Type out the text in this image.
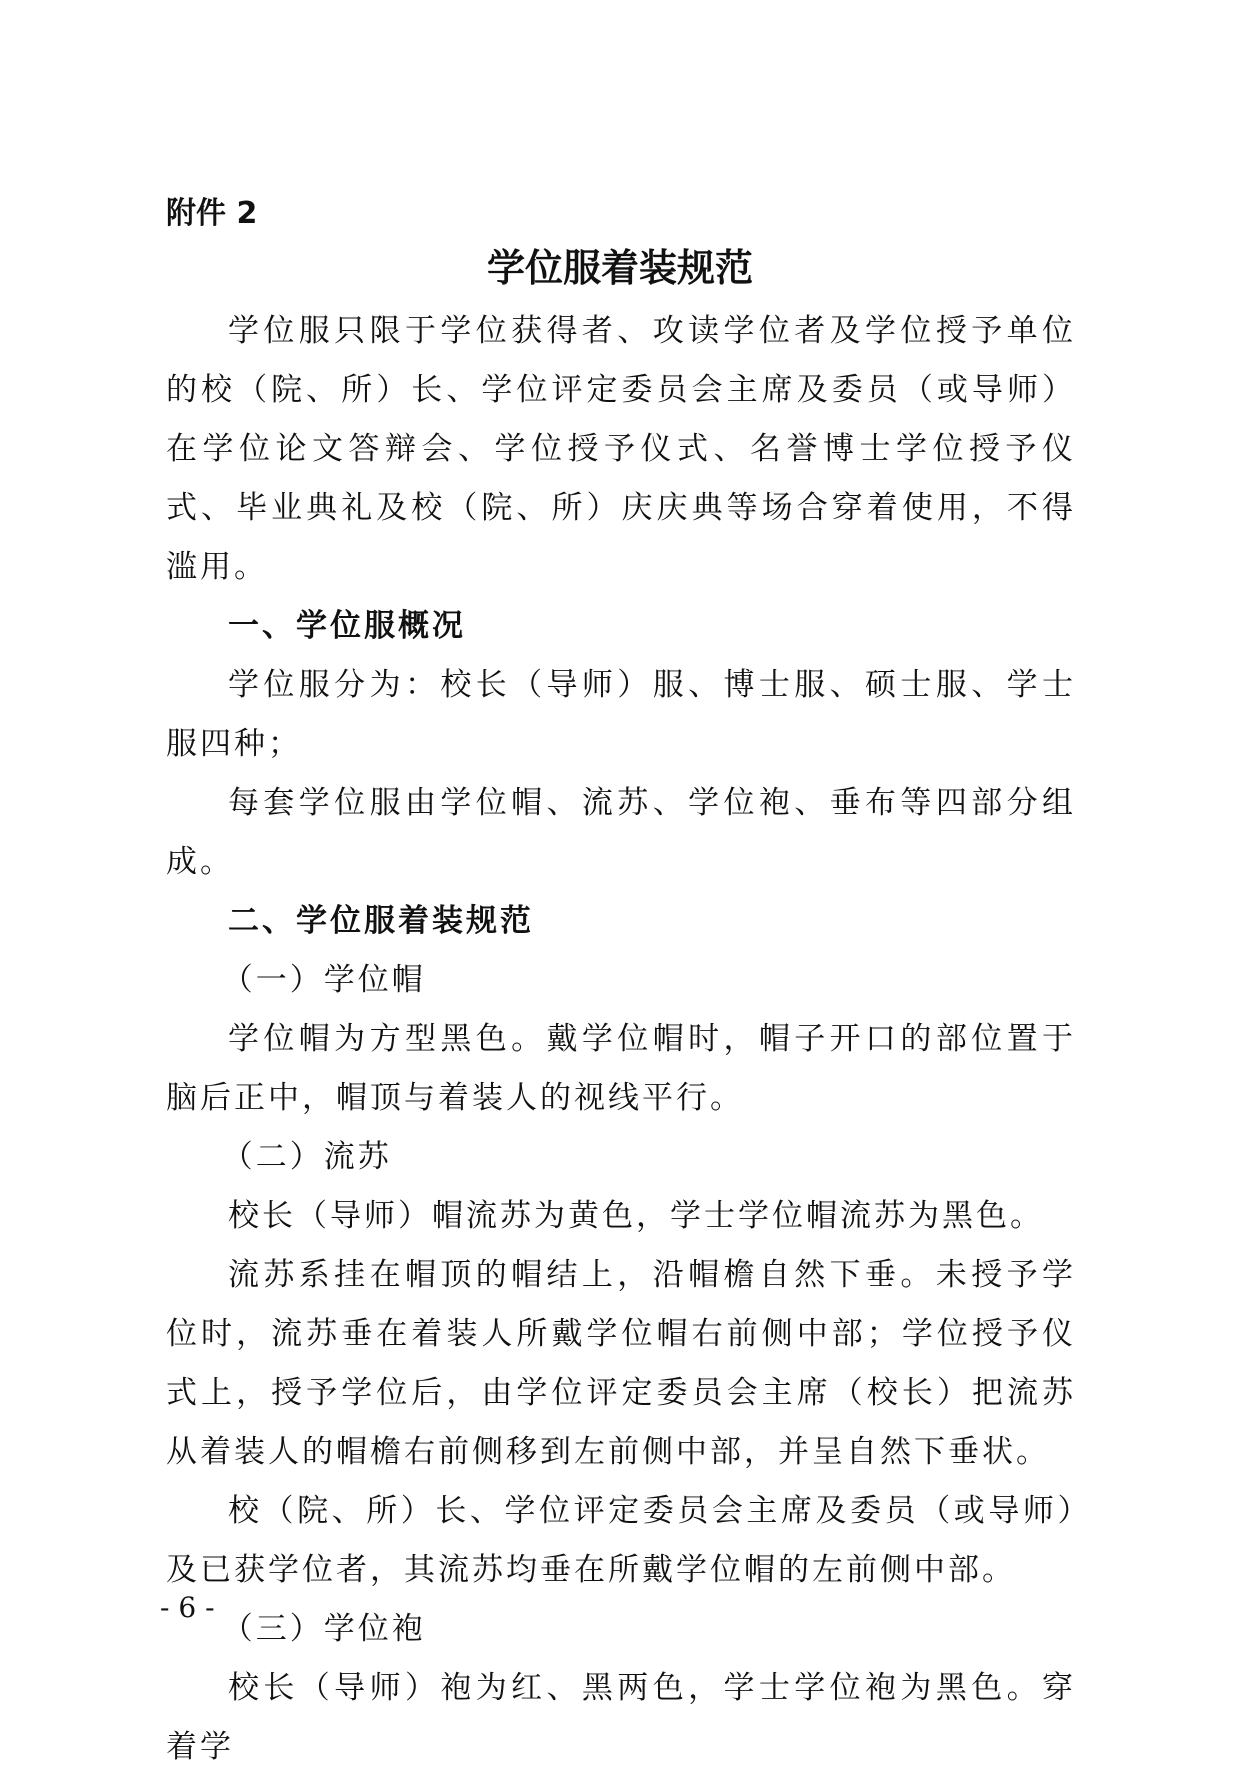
附件 2

学位服着装规范

学位服只限于学位获得者、攻读学位者及学位授予单位的校（院、所）长、学位评定委员会主席及委员（或导师）在学位论文答辩会、学位授予仪式、名誉博士学位授予仪式、毕业典礼及校（院、所）庆庆典等场合穿着使用，不得滥用。

一、学位服概况

学位服分为：校长（导师）服、博士服、硕士服、学士服四种；

每套学位服由学位帽、流苏、学位袍、垂布等四部分组成。

二、学位服着装规范

（一）学位帽

学位帽为方型黑色。戴学位帽时，帽子开口的部位置于脑后正中，帽顶与着装人的视线平行。

（二）流苏

校长（导师）帽流苏为黄色，学士学位帽流苏为黑色。

流苏系挂在帽顶的帽结上，沿帽檐自然下垂。未授予学位时，流苏垂在着装人所戴学位帽右前侧中部；学位授予仪式上，授予学位后，由学位评定委员会主席（校长）把流苏从着装人的帽檐右前侧移到左前侧中部，并呈自然下垂状。

校（院、所）长、学位评定委员会主席及委员（或导师）及已获学位者，其流苏均垂在所戴学位帽的左前侧中部。

（三）学位袍

校长（导师）袍为红、黑两色，学士学位袍为黑色。穿着学

- 6 -
